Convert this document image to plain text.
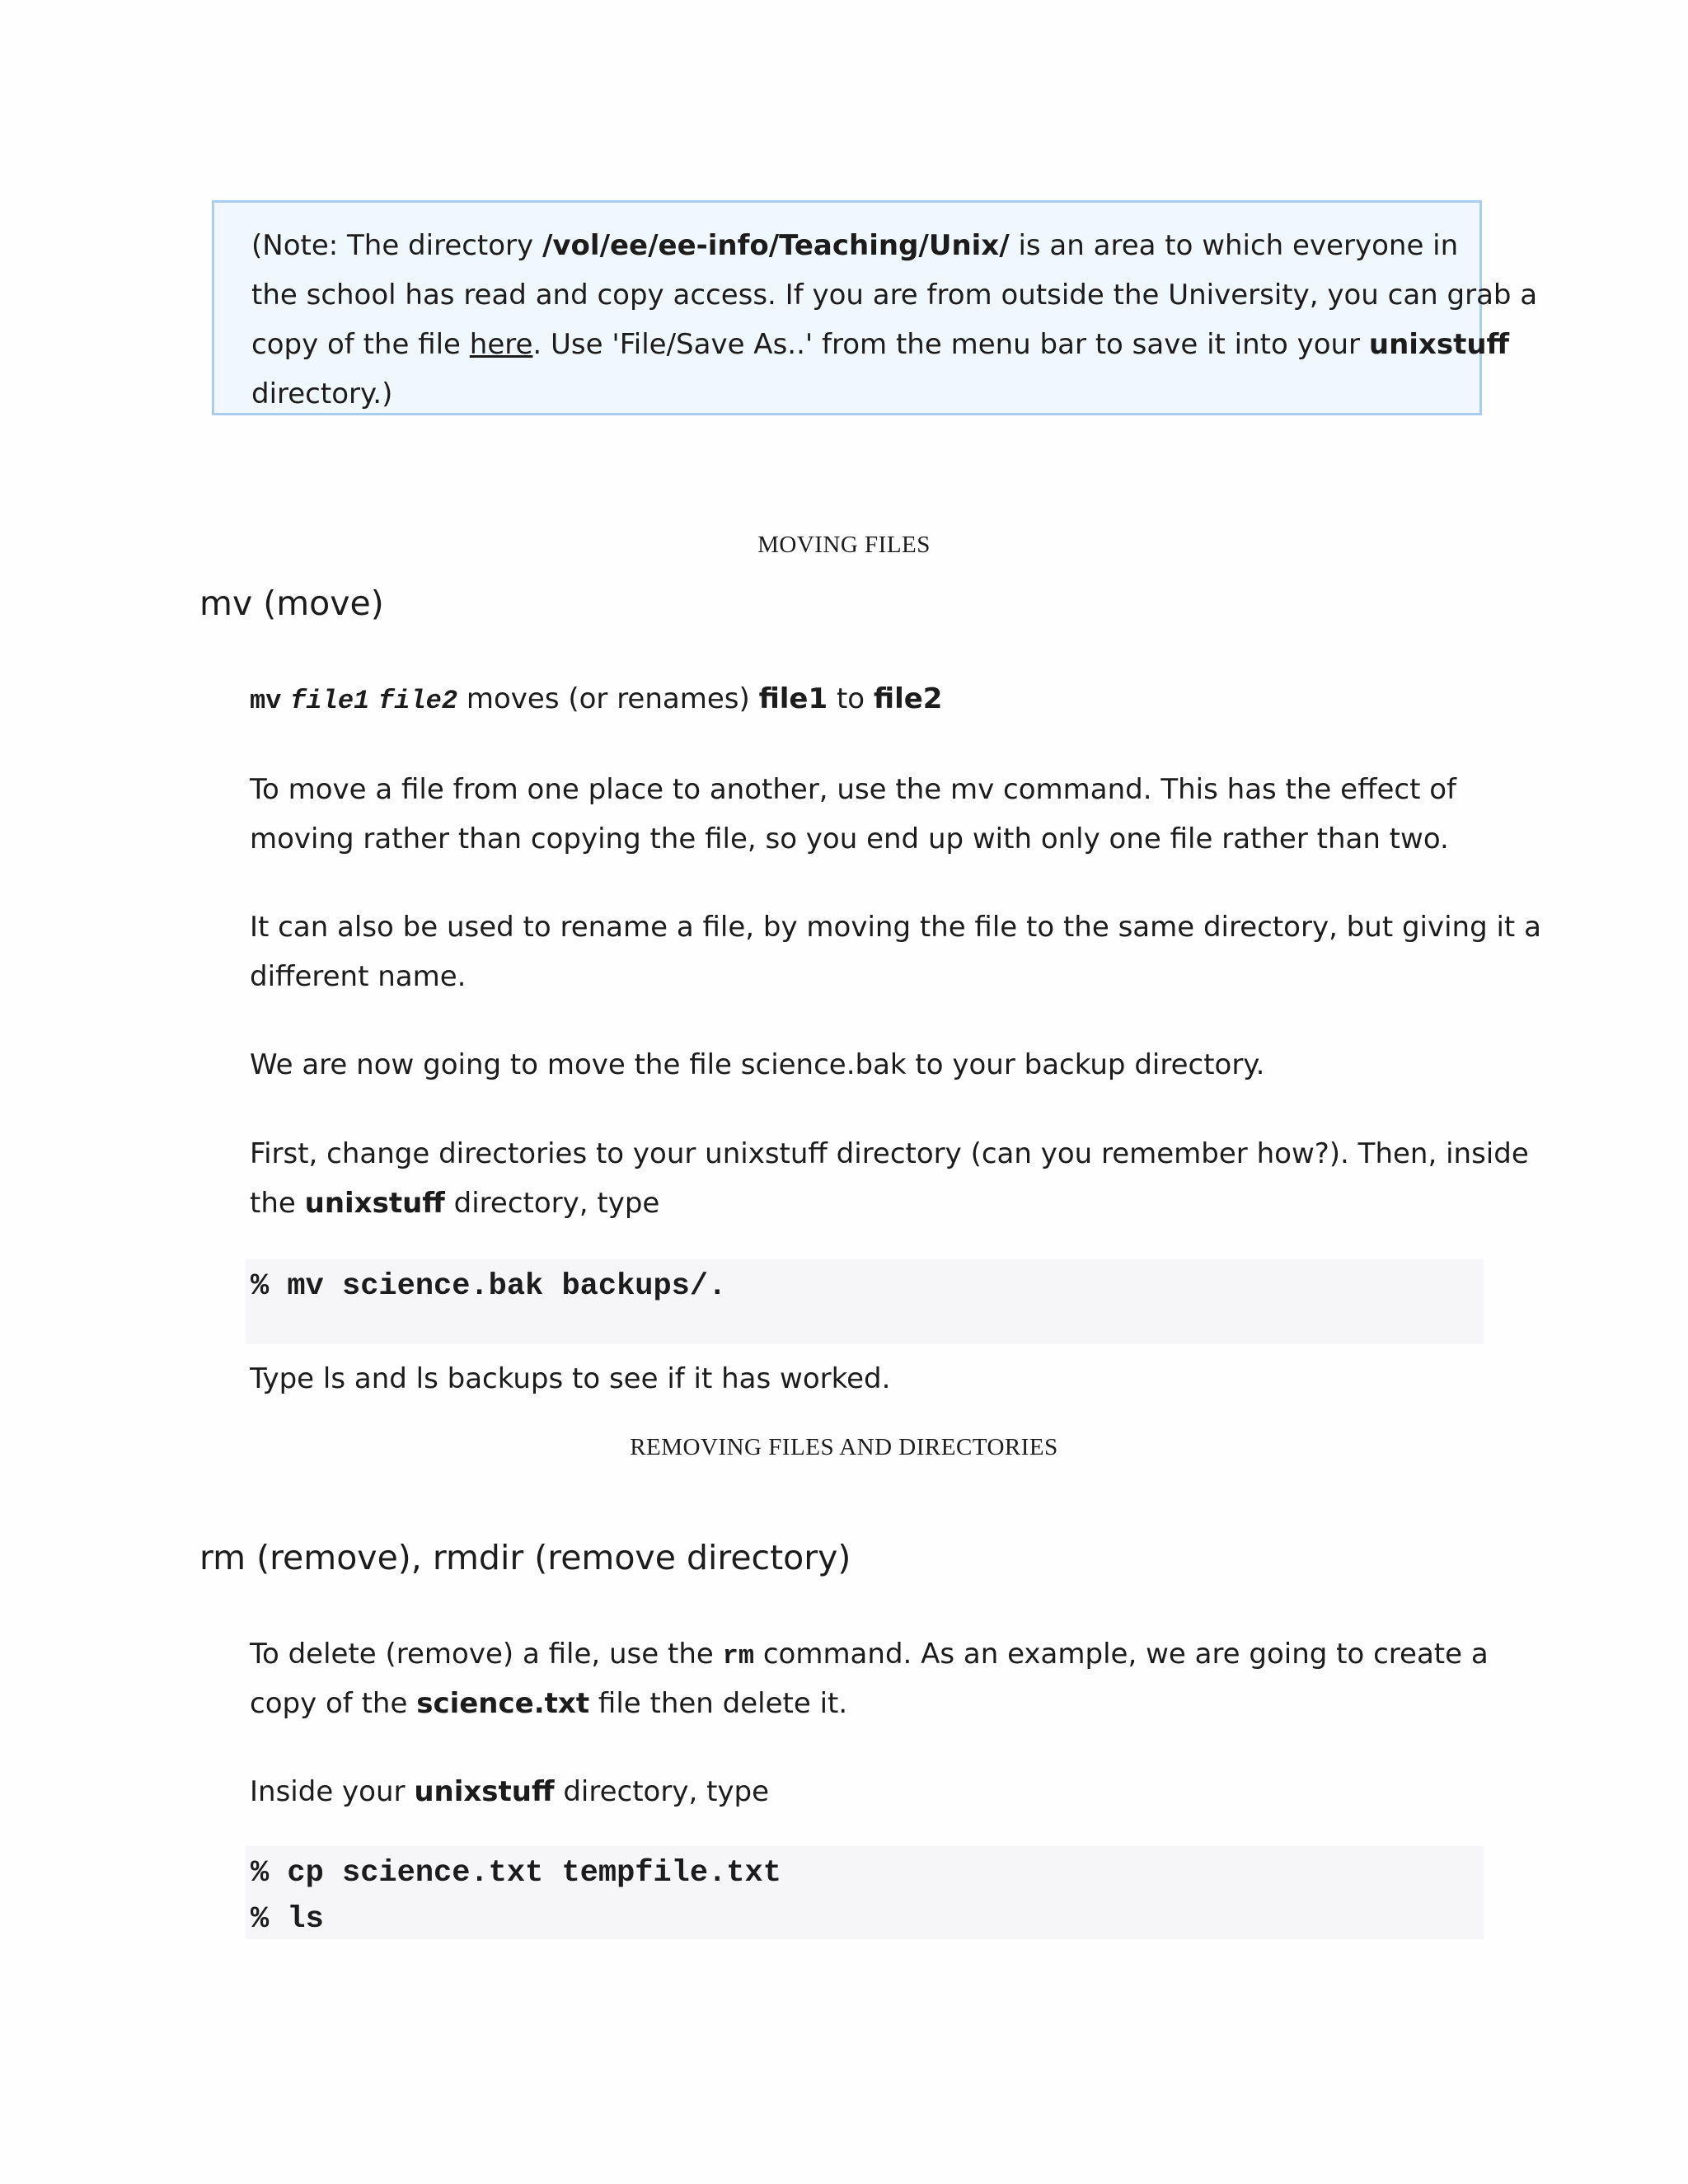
(Note: The directory /vol/ee/ee-info/Teaching/Unix/ is an area to which everyone in
the school has read and copy access. If you are from outside the University, you can grab a
copy of the file here. Use 'File/Save As..' from the menu bar to save it into your unixstuff
directory.)
MOVING FILES
mv (move)
mv file1 file2 moves (or renames) file1 to file2
To move a file from one place to another, use the mv command. This has the effect of
moving rather than copying the file, so you end up with only one file rather than two.
It can also be used to rename a file, by moving the file to the same directory, but giving it a
different name.
We are now going to move the file science.bak to your backup directory.
First, change directories to your unixstuff directory (can you remember how?). Then, inside
the unixstuff directory, type
% mv science.bak backups/.
Type ls and ls backups to see if it has worked.
REMOVING FILES AND DIRECTORIES
rm (remove), rmdir (remove directory)
To delete (remove) a file, use the rm command. As an example, we are going to create a
copy of the science.txt file then delete it.
Inside your unixstuff directory, type
% cp science.txt tempfile.txt
% ls
